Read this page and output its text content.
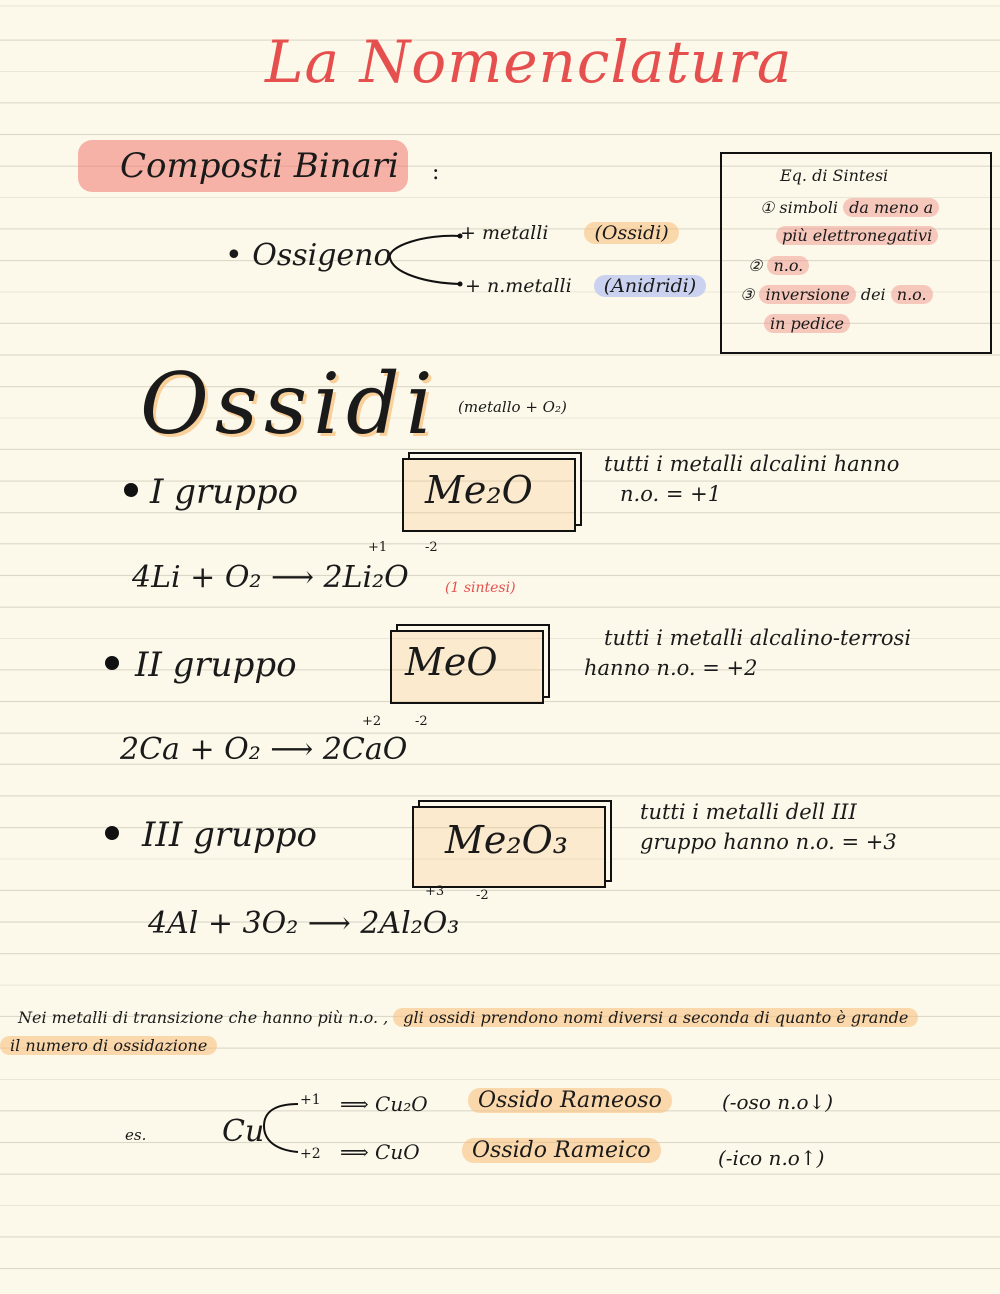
La Nomenclatura
Composti Binari :
• Ossigeno
+ metalli (Ossidi)
+ n.metalli (Anidridi)
Eq. di Sintesi
① simboli da meno a
più elettronegativi
② n.o.
③ inversione dei n.o.
in pedice
Ossidi (metallo + O₂)
I gruppo	Me₂O
tutti i metalli alcalini hanno
n.o. = +1
+1	-2
4Li + O₂ ⟶ 2Li₂O	(1 sintesi)
II gruppo	MeO
tutti i metalli alcalino-terrosi
hanno n.o. = +2
+2	-2
2Ca + O₂ ⟶ 2CaO
III gruppo	Me₂O₃
tutti i metalli dell III
gruppo hanno n.o. = +3
+3 -2
4Al + 3O₂ ⟶ 2Al₂O₃
Nei metalli di transizione che hanno più n.o. , gli ossidi prendono nomi diversi a seconda di quanto è grande
il numero di ossidazione
es.	Cu
+1 ⟹ Cu₂O	Ossido Rameoso	(-oso n.o↓)
+2 ⟹ CuO	Ossido Rameico	(-ico n.o↑)
